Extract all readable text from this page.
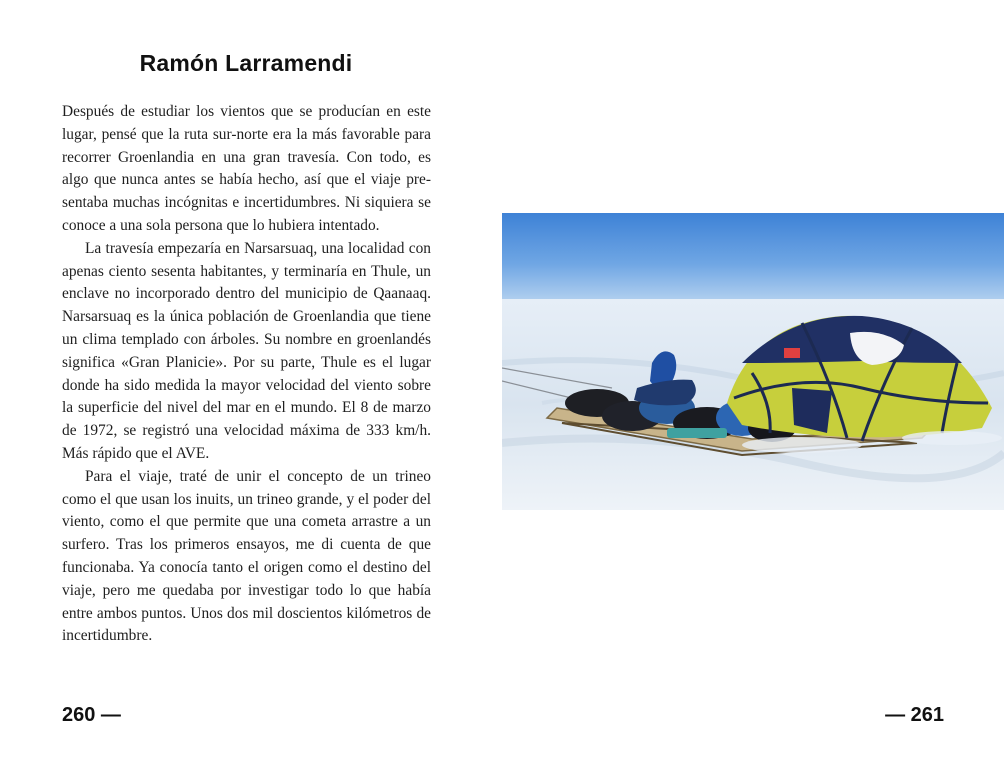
Ramón Larramendi

Después de estudiar los vientos que se producían en este lugar, pensé que la ruta sur-norte era la más favorable para recorrer Groenlandia en una gran travesía. Con todo, es algo que nunca antes se había hecho, así que el viaje presentaba muchas incógnitas e incertidumbres. Ni siquiera se conoce a una sola persona que lo hubiera intentado.

La travesía empezaría en Narsarsuaq, una localidad con apenas ciento sesenta habitantes, y terminaría en Thule, un enclave no incorporado dentro del municipio de Qaanaaq. Narsarsuaq es la única población de Groenlandia que tiene un clima templado con árboles. Su nombre en groenlandés significa «Gran Planicie». Por su parte, Thule es el lugar donde ha sido medida la mayor velocidad del viento sobre la superficie del nivel del mar en el mundo. El 8 de marzo de 1972, se registró una velocidad máxima de 333 km/h. Más rápido que el AVE.

Para el viaje, traté de unir el concepto de un trineo como el que usan los inuits, un trineo grande, y el poder del viento, como el que permite que una cometa arrastre a un surfero. Tras los primeros ensayos, me di cuenta de que funcionaba. Ya conocía tanto el origen como el destino del viaje, pero me quedaba por investigar todo lo que había entre ambos puntos. Unos dos mil doscientos kilómetros de incertidumbre.

260 —	— 261
